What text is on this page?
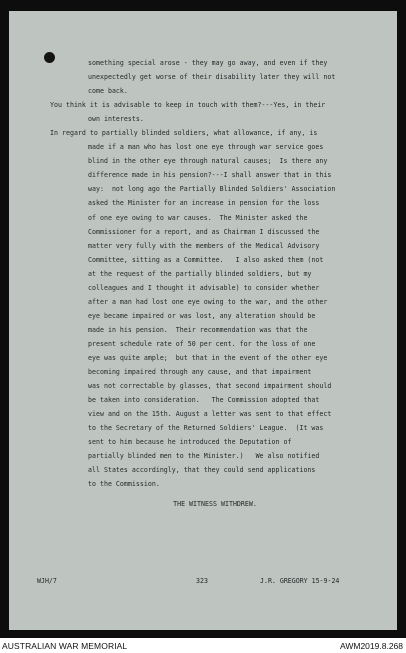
something special arose - they may go away, and even if they
unexpectedly get worse of their disability later they will not
come back.
You think it is advisable to keep in touch with them?---Yes, in their
own interests.
In regard to partially blinded soldiers, what allowance, if any, is
made if a man who has lost one eye through war service goes
blind in the other eye through natural causes;  Is there any
difference made in his pension?---I shall answer that in this
way:  not long ago the Partially Blinded Soldiers' Association
asked the Minister for an increase in pension for the loss
of one eye owing to war causes.  The Minister asked the
Commissioner for a report, and as Chairman I discussed the
matter very fully with the members of the Medical Advisory
Committee, sitting as a Committee.   I also asked them (not
at the request of the partially blinded soldiers, but my
colleagues and I thought it advisable) to consider whether
after a man had lost one eye owing to the war, and the other
eye became impaired or was lost, any alteration should be
made in his pension.  Their recommendation was that the
present schedule rate of 50 per cent. for the loss of one
eye was quite ample;  but that in the event of the other eye
becoming impaired through any cause, and that impairment
was not correctable by glasses, that second impairment should
be taken into consideration.   The Commission adopted that
view and on the 15th. August a letter was sent to that effect
to the Secretary of the Returned Soldiers' League.  (It was
sent to him because he introduced the Deputation of
partially blinded men to the Minister.)   We also notified
all States accordingly, that they could send applications
to the Commission.
THE WITNESS WITHDREW.
WJH/7	323	J.R. GREGORY 15-9-24
AUSTRALIAN WAR MEMORIAL	AWM2019.8.268
